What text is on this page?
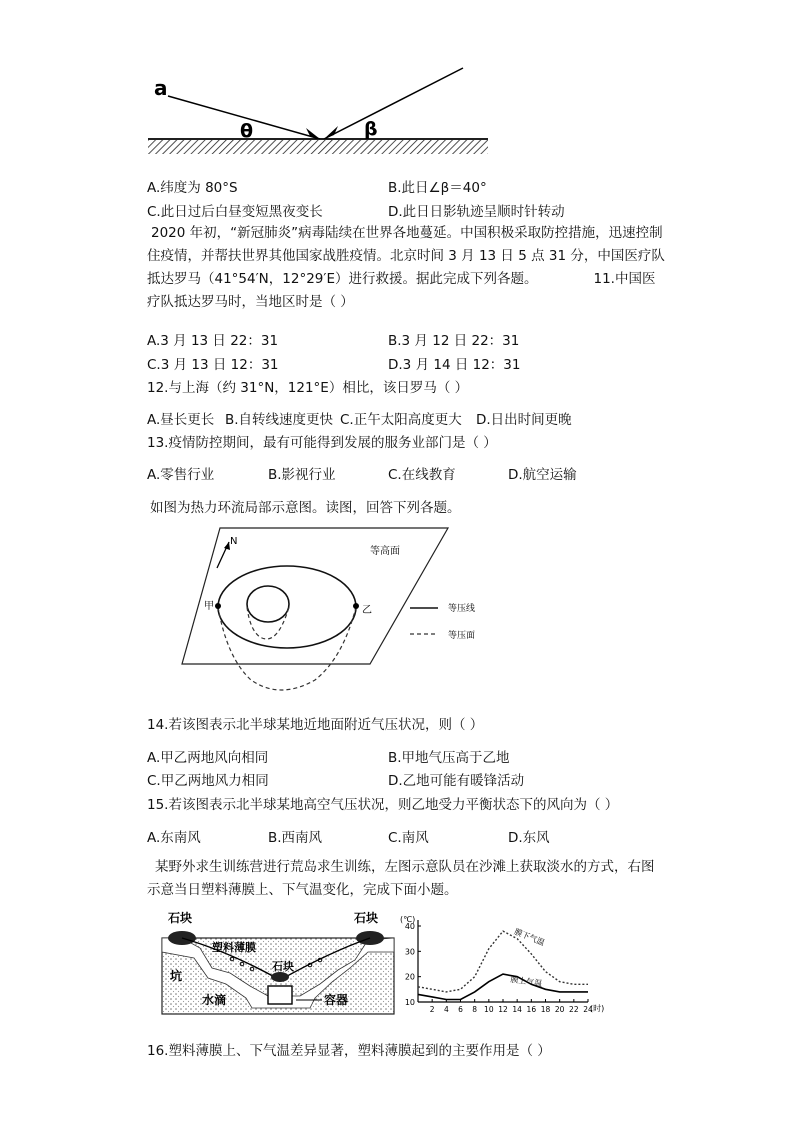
a
θ	β
A.纬度为 80°S	B.此日∠β＝40°
C.此日过后白昼变短黑夜变长	D.此日日影轨迹呈顺时针转动
2020 年初，“新冠肺炎”病毒陆续在世界各地蔓延。中国积极采取防控措施，迅速控制住疫情，并帮扶世界其他国家战胜疫情。北京时间 3 月 13 日 5 点 31 分，中国医疗队抵达罗马（41°54′N，12°29′E）进行救援。据此完成下列各题。	11.中国医疗队抵达罗马时，当地区时是（ ）
A.3 月 13 日 22：31	B.3 月 12 日 22：31
C.3 月 13 日 12：31	D.3 月 14 日 12：31
12.与上海（约 31°N，121°E）相比，该日罗马（ ）
A.昼长更长 B.自转线速度更快 C.正午太阳高度更大 D.日出时间更晚
13.疫情防控期间，最有可能得到发展的服务业部门是（ ）
A.零售行业	B.影视行业	C.在线教育	D.航空运输
如图为热力环流局部示意图。读图，回答下列各题。
N
等高面
甲	乙	等压线
等压面
14.若该图表示北半球某地近地面附近气压状况，则（ ）
A.甲乙两地风向相同	B.甲地气压高于乙地
C.甲乙两地风力相同	D.乙地可能有暖锋活动
15.若该图表示北半球某地高空气压状况，则乙地受力平衡状态下的风向为（ ）
A.东南风	B.西南风	C.南风	D.东风
某野外求生训练营进行荒岛求生训练，左图示意队员在沙滩上获取淡水的方式，右图示意当日塑料薄膜上、下气温变化，完成下面小题。
石块	石块
塑料薄膜
石块
坑
水滴	容器
(℃)
(时)
10
20
30
40
2 4 6 8 10 12 14 16 18 20 22 24
膜下气温
膜上气温
16.塑料薄膜上、下气温差异显著，塑料薄膜起到的主要作用是（ ）
